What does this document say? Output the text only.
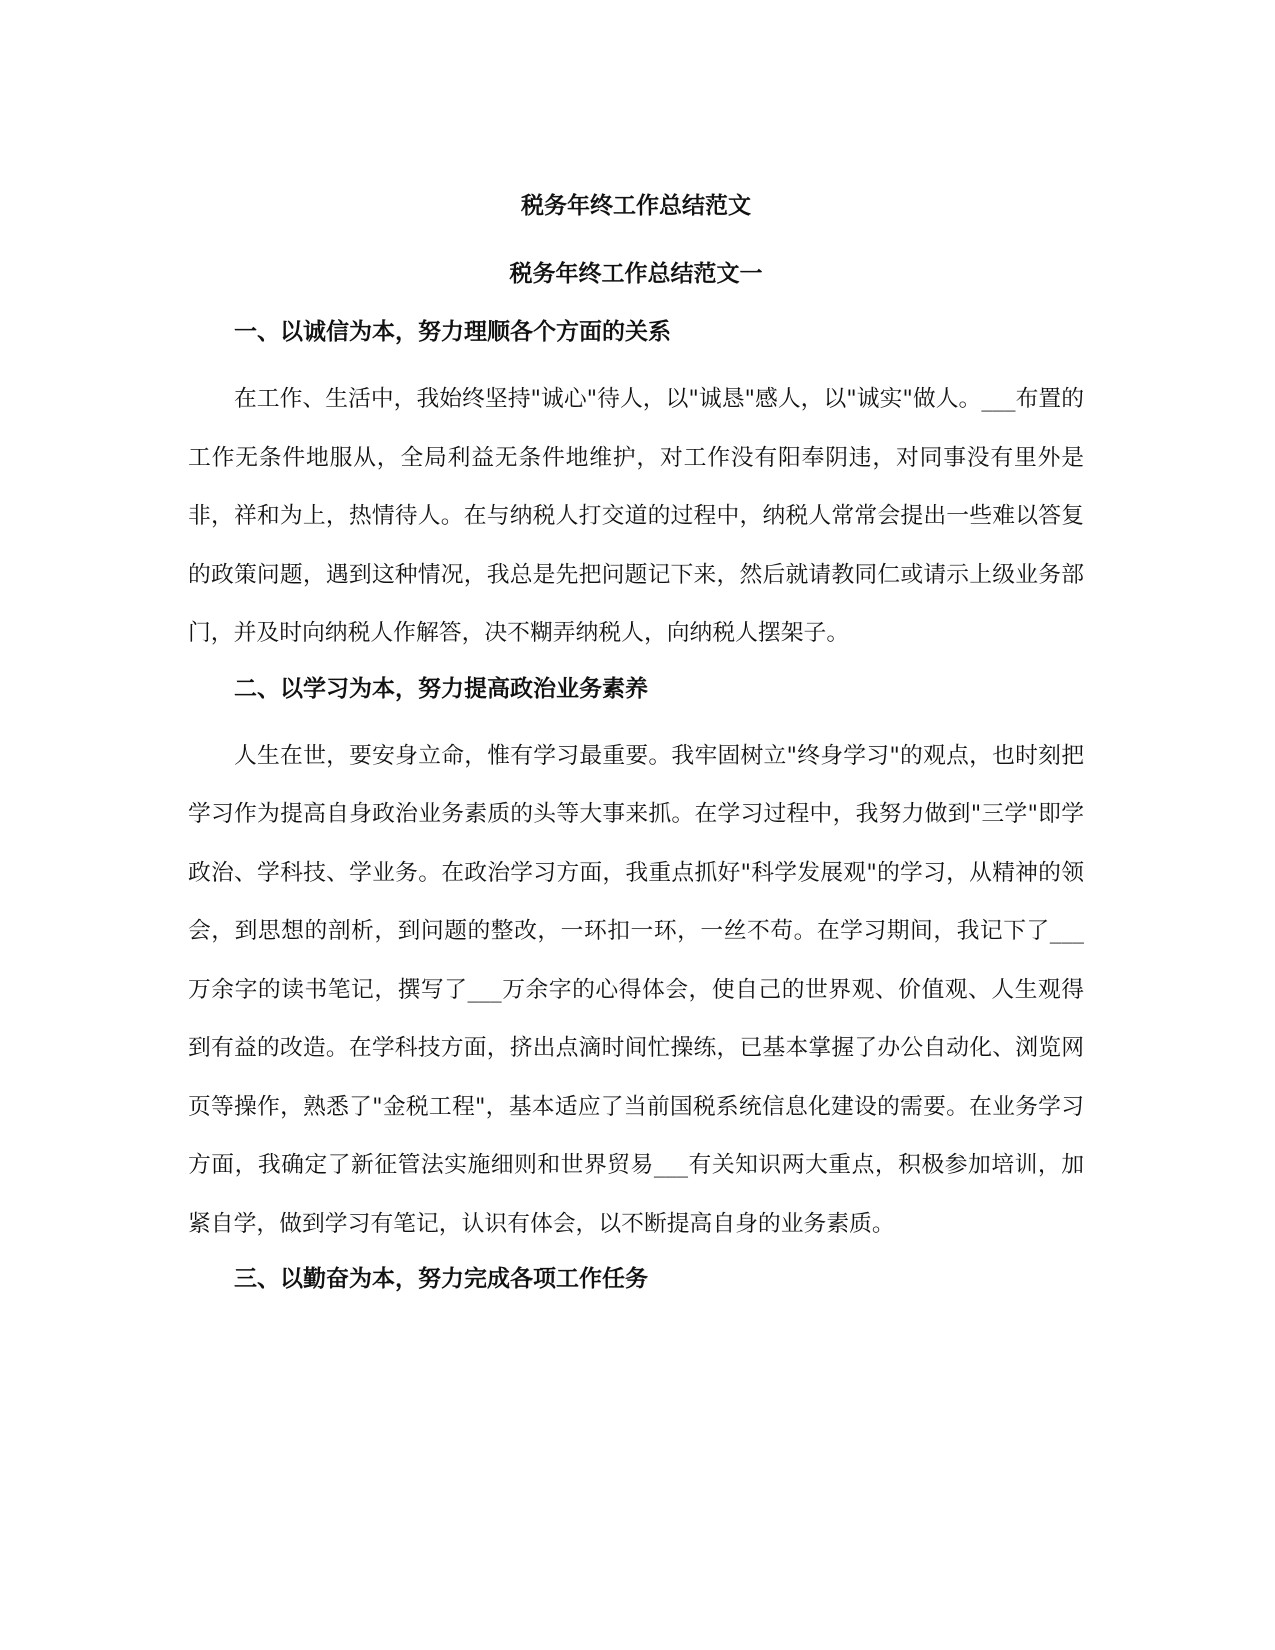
税务年终工作总结范文
税务年终工作总结范文一
一、以诚信为本，努力理顺各个方面的关系
在工作、生活中，我始终坚持"诚心"待人，以"诚恳"感人，以"诚实"做人。___布置的工作无条件地服从，全局利益无条件地维护，对工作没有阳奉阴违，对同事没有里外是非，祥和为上，热情待人。在与纳税人打交道的过程中，纳税人常常会提出一些难以答复的政策问题，遇到这种情况，我总是先把问题记下来，然后就请教同仁或请示上级业务部门，并及时向纳税人作解答，决不糊弄纳税人，向纳税人摆架子。
二、以学习为本，努力提高政治业务素养
人生在世，要安身立命，惟有学习最重要。我牢固树立"终身学习"的观点，也时刻把学习作为提高自身政治业务素质的头等大事来抓。在学习过程中，我努力做到"三学"即学政治、学科技、学业务。在政治学习方面，我重点抓好"科学发展观"的学习，从精神的领会，到思想的剖析，到问题的整改，一环扣一环，一丝不苟。在学习期间，我记下了___万余字的读书笔记，撰写了___万余字的心得体会，使自己的世界观、价值观、人生观得到有益的改造。在学科技方面，挤出点滴时间忙操练，已基本掌握了办公自动化、浏览网页等操作，熟悉了"金税工程"，基本适应了当前国税系统信息化建设的需要。在业务学习方面，我确定了新征管法实施细则和世界贸易___有关知识两大重点，积极参加培训，加紧自学，做到学习有笔记，认识有体会，以不断提高自身的业务素质。
三、以勤奋为本，努力完成各项工作任务
